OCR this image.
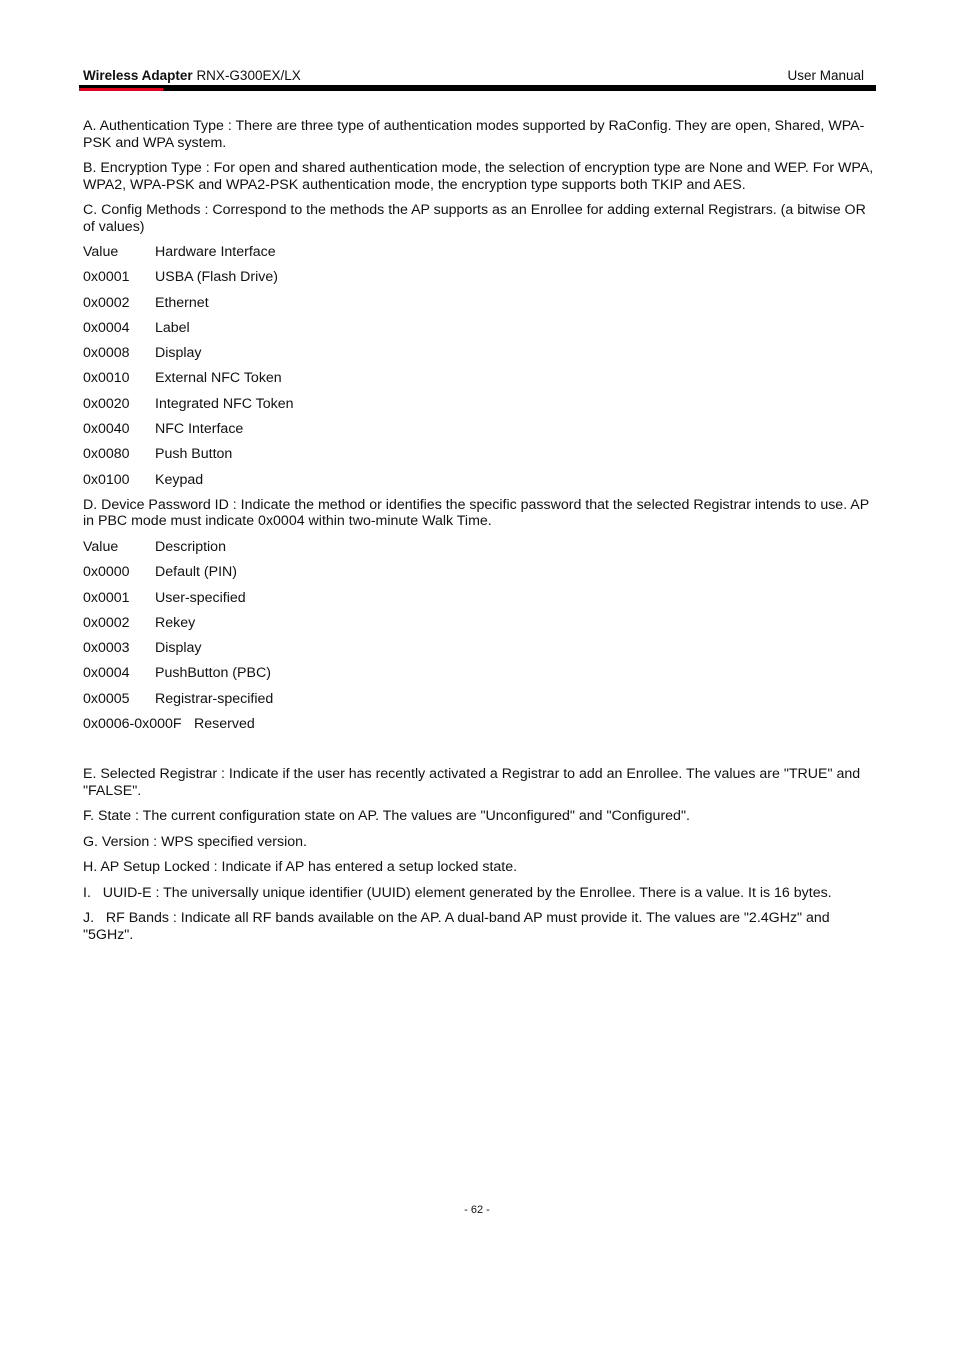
Wireless Adapter RNX-G300EX/LX	User Manual

A. Authentication Type : There are three type of authentication modes supported by RaConfig. They are open, Shared, WPA-PSK and WPA system.

B. Encryption Type : For open and shared authentication mode, the selection of encryption type are None and WEP. For WPA, WPA2, WPA-PSK and WPA2-PSK authentication mode, the encryption type supports both TKIP and AES.

C. Config Methods : Correspond to the methods the AP supports as an Enrollee for adding external Registrars. (a bitwise OR of values)

Value	Hardware Interface
0x0001	USBA (Flash Drive)
0x0002	Ethernet
0x0004	Label
0x0008	Display
0x0010	External NFC Token
0x0020	Integrated NFC Token
0x0040	NFC Interface
0x0080	Push Button
0x0100	Keypad

D. Device Password ID : Indicate the method or identifies the specific password that the selected Registrar intends to use. AP in PBC mode must indicate 0x0004 within two-minute Walk Time.

Value	Description
0x0000	Default (PIN)
0x0001	User-specified
0x0002	Rekey
0x0003	Display
0x0004	PushButton (PBC)
0x0005	Registrar-specified
0x0006-0x000F Reserved

E. Selected Registrar : Indicate if the user has recently activated a Registrar to add an Enrollee. The values are "TRUE" and "FALSE".

F. State : The current configuration state on AP. The values are "Unconfigured" and "Configured".

G. Version : WPS specified version.

H. AP Setup Locked : Indicate if AP has entered a setup locked state.

I.   UUID-E : The universally unique identifier (UUID) element generated by the Enrollee. There is a value. It is 16 bytes.

J.   RF Bands : Indicate all RF bands available on the AP. A dual-band AP must provide it. The values are "2.4GHz" and "5GHz".

- 62 -
